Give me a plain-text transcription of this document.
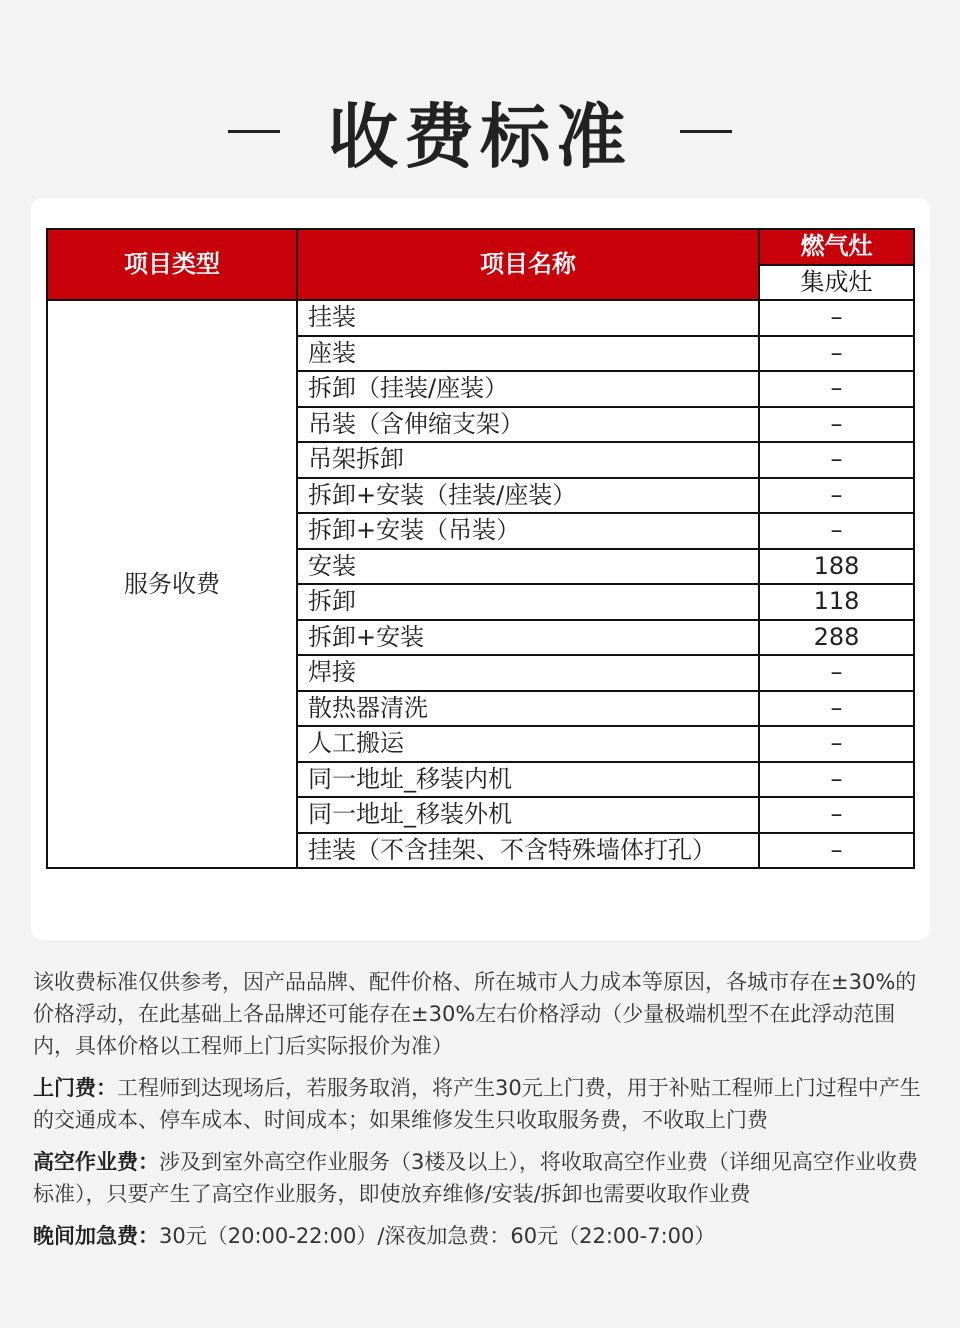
收费标准
项目类型	项目名称	燃气灶
		集成灶
服务收费	挂装	–
	座装	–
	拆卸（挂装/座装）	–
	吊装（含伸缩支架）	–
	吊架拆卸	–
	拆卸+安装（挂装/座装）	–
	拆卸+安装（吊装）	–
	安装	188
	拆卸	118
	拆卸+安装	288
	焊接	–
	散热器清洗	–
	人工搬运	–
	同一地址_移装内机	–
	同一地址_移装外机	–
	挂装（不含挂架、不含特殊墙体打孔）	–

该收费标准仅供参考，因产品品牌、配件价格、所在城市人力成本等原因，各城市存在±30%的价格浮动，在此基础上各品牌还可能存在±30%左右价格浮动（少量极端机型不在此浮动范围内，具体价格以工程师上门后实际报价为准）

上门费：工程师到达现场后，若服务取消，将产生30元上门费，用于补贴工程师上门过程中产生的交通成本、停车成本、时间成本；如果维修发生只收取服务费，不收取上门费

高空作业费：涉及到室外高空作业服务（3楼及以上），将收取高空作业费（详细见高空作业收费标准），只要产生了高空作业服务，即使放弃维修/安装/拆卸也需要收取作业费

晚间加急费：30元（20:00-22:00）/深夜加急费：60元（22:00-7:00）
